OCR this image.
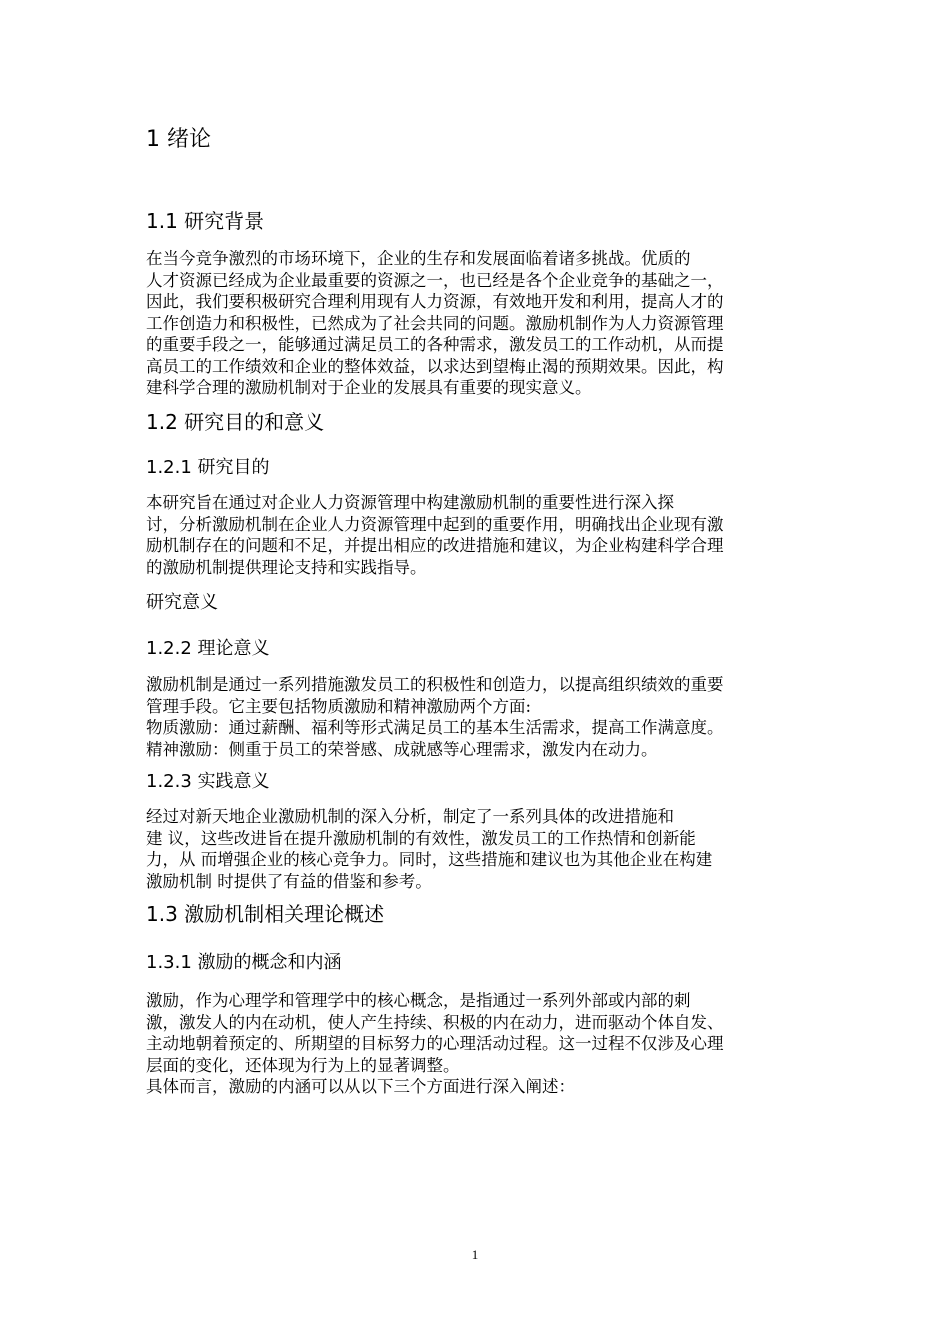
1 绪论
1.1 研究背景
在当今竞争激烈的市场环境下，企业的生存和发展面临着诸多挑战。优质的
人才资源已经成为企业最重要的资源之一，也已经是各个企业竞争的基础之一，
因此，我们要积极研究合理利用现有人力资源，有效地开发和利用，提高人才的
工作创造力和积极性，已然成为了社会共同的问题。激励机制作为人力资源管理
的重要手段之一，能够通过满足员工的各种需求，激发员工的工作动机，从而提
高员工的工作绩效和企业的整体效益，以求达到望梅止渴的预期效果。因此，构
建科学合理的激励机制对于企业的发展具有重要的现实意义。
1.2 研究目的和意义
1.2.1 研究目的
本研究旨在通过对企业人力资源管理中构建激励机制的重要性进行深入探
讨，分析激励机制在企业人力资源管理中起到的重要作用，明确找出企业现有激
励机制存在的问题和不足，并提出相应的改进措施和建议，为企业构建科学合理
的激励机制提供理论支持和实践指导。
研究意义
1.2.2 理论意义
激励机制是通过一系列措施激发员工的积极性和创造力，以提高组织绩效的重要
管理手段。它主要包括物质激励和精神激励两个方面:
物质激励：通过薪酬、福利等形式满足员工的基本生活需求，提高工作满意度。
精神激励：侧重于员工的荣誉感、成就感等心理需求，激发内在动力。
1.2.3 实践意义
经过对新天地企业激励机制的深入分析，制定了一系列具体的改进措施和
建 议，这些改进旨在提升激励机制的有效性，激发员工的工作热情和创新能
力，从 而增强企业的核心竞争力。同时，这些措施和建议也为其他企业在构建
激励机制 时提供了有益的借鉴和参考。
1.3 激励机制相关理论概述
1.3.1 激励的概念和内涵
激励，作为心理学和管理学中的核心概念，是指通过一系列外部或内部的刺
激，激发人的内在动机，使人产生持续、积极的内在动力，进而驱动个体自发、
主动地朝着预定的、所期望的目标努力的心理活动过程。这一过程不仅涉及心理
层面的变化，还体现为行为上的显著调整。
具体而言，激励的内涵可以从以下三个方面进行深入阐述：
1
